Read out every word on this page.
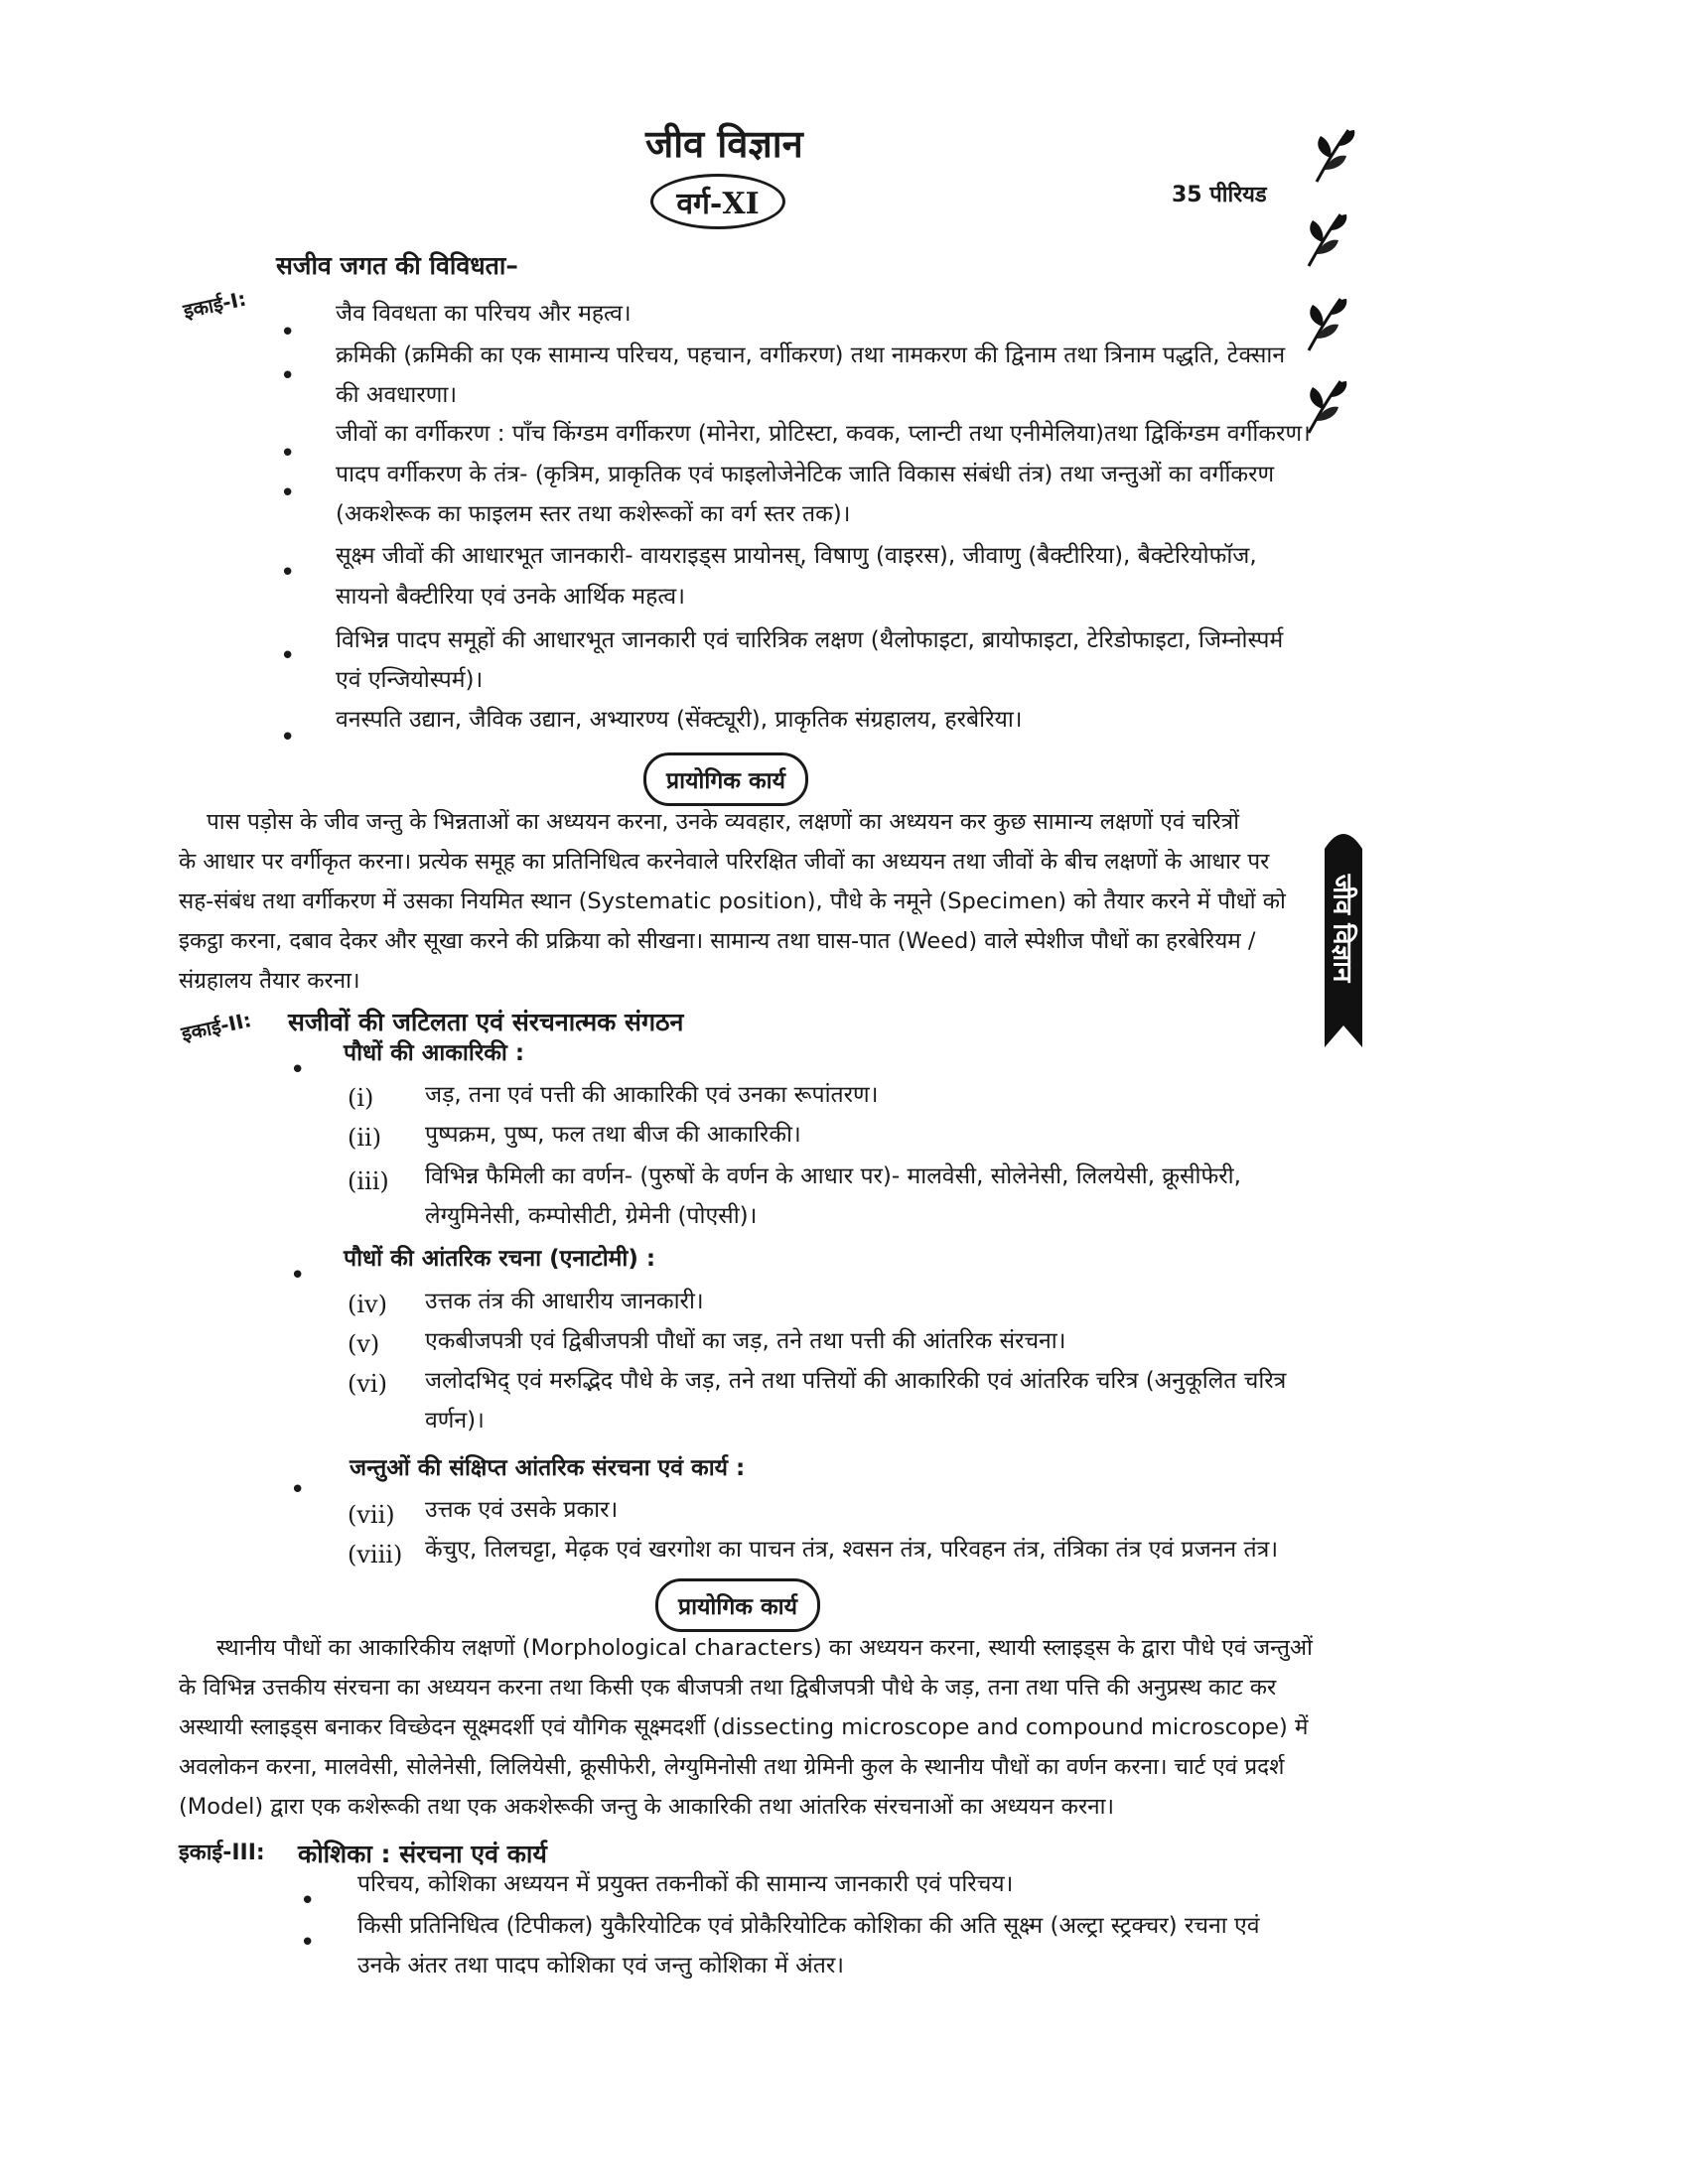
जीव विज्ञान
वर्ग-XI	35 पीरियड
इकाई-I:
सजीव जगत की विविधता–
•
जैव विवधता का परिचय और महत्व।
•
क्रमिकी (क्रमिकी का एक सामान्य परिचय, पहचान, वर्गीकरण) तथा नामकरण की द्विनाम तथा त्रिनाम पद्धति, टेक्सान
की अवधारणा।
•
जीवों का वर्गीकरण : पाँच किंग्डम वर्गीकरण (मोनेरा, प्रोटिस्टा, कवक, प्लान्टी तथा एनीमेलिया)तथा द्विकिंग्डम वर्गीकरण।
•
पादप वर्गीकरण के तंत्र- (कृत्रिम, प्राकृतिक एवं फाइलोजेनेटिक जाति विकास संबंधी तंत्र) तथा जन्तुओं का वर्गीकरण
(अकशेरूक का फाइलम स्तर तथा कशेरूकों का वर्ग स्तर तक)।
•
सूक्ष्म जीवों की आधारभूत जानकारी- वायराइड्स प्रायोनस्, विषाणु (वाइरस), जीवाणु (बैक्टीरिया), बैक्टेरियोफॉज,
सायनो बैक्टीरिया एवं उनके आर्थिक महत्व।
•
विभिन्न पादप समूहों की आधारभूत जानकारी एवं चारित्रिक लक्षण (थैलोफाइटा, ब्रायोफाइटा, टेरिडोफाइटा, जिम्नोस्पर्म
एवं एन्जियोस्पर्म)।
•
वनस्पति उद्यान, जैविक उद्यान, अभ्यारण्य (सेंक्ट्यूरी), प्राकृतिक संग्रहालय, हरबेरिया।
प्रायोगिक कार्य
पास पड़ोस के जीव जन्तु के भिन्नताओं का अध्ययन करना, उनके व्यवहार, लक्षणों का अध्ययन कर कुछ सामान्य लक्षणों एवं चरित्रों
के आधार पर वर्गीकृत करना। प्रत्येक समूह का प्रतिनिधित्व करनेवाले परिरक्षित जीवों का अध्ययन तथा जीवों के बीच लक्षणों के आधार पर
सह-संबंध तथा वर्गीकरण में उसका नियमित स्थान (Systematic position), पौधे के नमूने (Specimen) को तैयार करने में पौधों को
इकट्ठा करना, दबाव देकर और सूखा करने की प्रक्रिया को सीखना। सामान्य तथा घास-पात (Weed) वाले स्पेशीज पौधों का हरबेरियम /
संग्रहालय तैयार करना।	जीव विज्ञान
इकाई-II: सजीवों की जटिलता एवं संरचनात्मक संगठन
•
पौधों की आकारिकी :
(i) जड़, तना एवं पत्ती की आकारिकी एवं उनका रूपांतरण।
(ii) पुष्पक्रम, पुष्प, फल तथा बीज की आकारिकी।
(iii) विभिन्न फैमिली का वर्णन- (पुरुषों के वर्णन के आधार पर)- मालवेसी, सोलेनेसी, लिलयेसी, क्रूसीफेरी,
लेग्युमिनेसी, कम्पोसीटी, ग्रेमेनी (पोएसी)।
•
पौधों की आंतरिक रचना (एनाटोमी) :
(iv) उत्तक तंत्र की आधारीय जानकारी।
(v) एकबीजपत्री एवं द्विबीजपत्री पौधों का जड़, तने तथा पत्ती की आंतरिक संरचना।
(vi) जलोदभिद् एवं मरुद्भिद पौधे के जड़, तने तथा पत्तियों की आकारिकी एवं आंतरिक चरित्र (अनुकूलित चरित्र
वर्णन)।
•
जन्तुओं की संक्षिप्त आंतरिक संरचना एवं कार्य :
(vii) उत्तक एवं उसके प्रकार।
(viii) केंचुए, तिलचट्टा, मेढ़क एवं खरगोश का पाचन तंत्र, श्वसन तंत्र, परिवहन तंत्र, तंत्रिका तंत्र एवं प्रजनन तंत्र।
प्रायोगिक कार्य
स्थानीय पौधों का आकारिकीय लक्षणों (Morphological characters) का अध्ययन करना, स्थायी स्लाइड्स के द्वारा पौधे एवं जन्तुओं
के विभिन्न उत्तकीय संरचना का अध्ययन करना तथा किसी एक बीजपत्री तथा द्विबीजपत्री पौधे के जड़, तना तथा पत्ति की अनुप्रस्थ काट कर
अस्थायी स्लाइड्स बनाकर विच्छेदन सूक्ष्मदर्शी एवं यौगिक सूक्ष्मदर्शी (dissecting microscope and compound microscope) में
अवलोकन करना, मालवेसी, सोलेनेसी, लिलियेसी, क्रूसीफेरी, लेग्युमिनोसी तथा ग्रेमिनी कुल के स्थानीय पौधों का वर्णन करना। चार्ट एवं प्रदर्श
(Model) द्वारा एक कशेरूकी तथा एक अकशेरूकी जन्तु के आकारिकी तथा आंतरिक संरचनाओं का अध्ययन करना।
इकाई-III: कोशिका : संरचना एवं कार्य
•
परिचय, कोशिका अध्ययन में प्रयुक्त तकनीकों की सामान्य जानकारी एवं परिचय।
•
किसी प्रतिनिधित्व (टिपीकल) युकैरियोटिक एवं प्रोकैरियोटिक कोशिका की अति सूक्ष्म (अल्ट्रा स्ट्रक्चर) रचना एवं
उनके अंतर तथा पादप कोशिका एवं जन्तु कोशिका में अंतर।
